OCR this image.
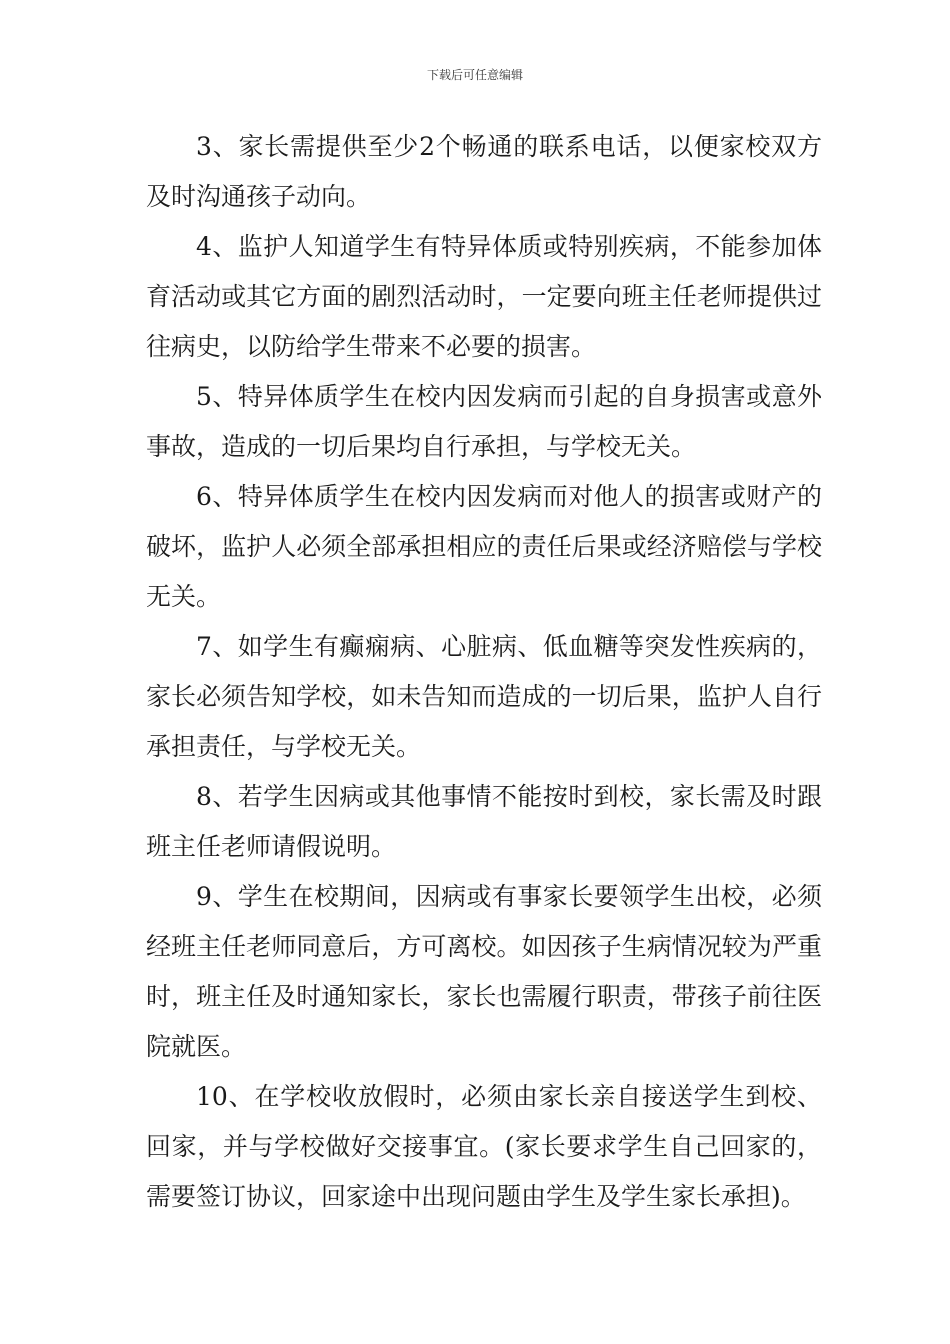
下载后可任意编辑

3、家长需提供至少2个畅通的联系电话，以便家校双方及时沟通孩子动向。

4、监护人知道学生有特异体质或特别疾病，不能参加体育活动或其它方面的剧烈活动时，一定要向班主任老师提供过往病史，以防给学生带来不必要的损害。

5、特异体质学生在校内因发病而引起的自身损害或意外事故，造成的一切后果均自行承担，与学校无关。

6、特异体质学生在校内因发病而对他人的损害或财产的破坏，监护人必须全部承担相应的责任后果或经济赔偿与学校无关。

7、如学生有癫痫病、心脏病、低血糖等突发性疾病的，家长必须告知学校，如未告知而造成的一切后果，监护人自行承担责任，与学校无关。

8、若学生因病或其他事情不能按时到校，家长需及时跟班主任老师请假说明。

9、学生在校期间，因病或有事家长要领学生出校，必须经班主任老师同意后，方可离校。如因孩子生病情况较为严重时，班主任及时通知家长，家长也需履行职责，带孩子前往医院就医。

10、在学校收放假时，必须由家长亲自接送学生到校、回家，并与学校做好交接事宜。(家长要求学生自己回家的，需要签订协议，回家途中出现问题由学生及学生家长承担)。
